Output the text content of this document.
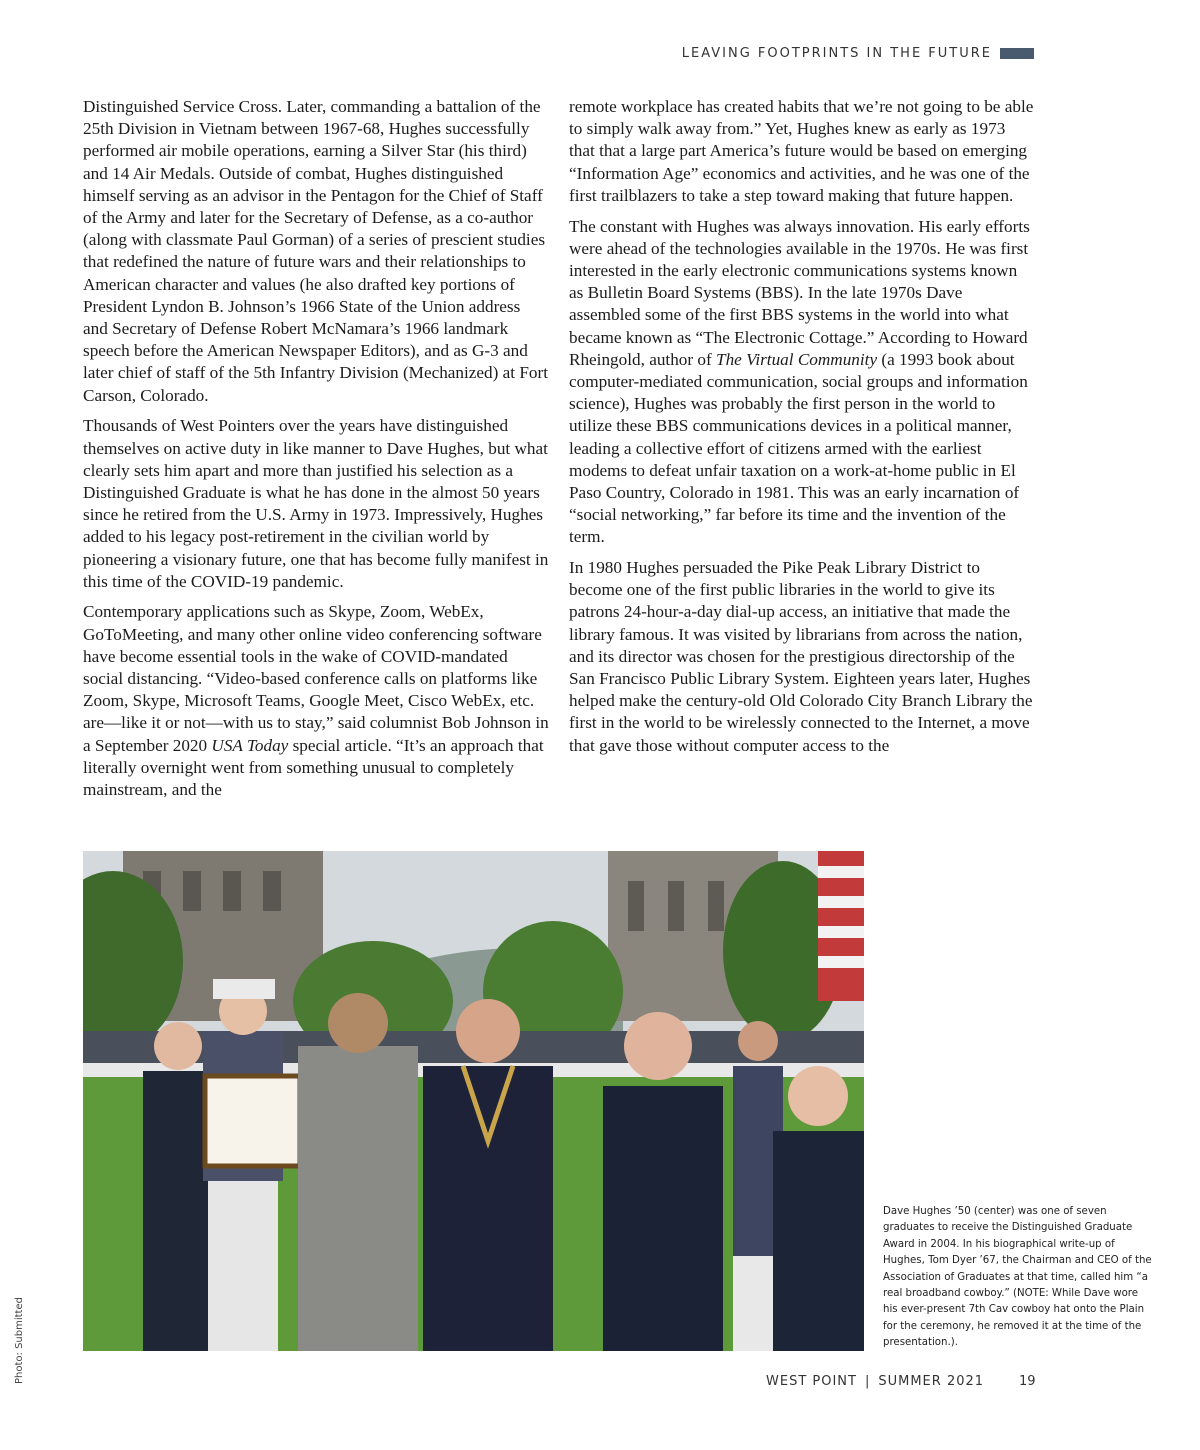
LEAVING FOOTPRINTS IN THE FUTURE

Distinguished Service Cross. Later, commanding a battalion of the 25th Division in Vietnam between 1967-68, Hughes successfully performed air mobile operations, earning a Silver Star (his third) and 14 Air Medals. Outside of combat, Hughes distinguished himself serving as an advisor in the Pentagon for the Chief of Staff of the Army and later for the Secretary of Defense, as a co-author (along with classmate Paul Gorman) of a series of prescient studies that redefined the nature of future wars and their relationships to American character and values (he also drafted key portions of President Lyndon B. Johnson’s 1966 State of the Union address and Secretary of Defense Robert McNamara’s 1966 landmark speech before the American Newspaper Editors), and as G-3 and later chief of staff of the 5th Infantry Division (Mechanized) at Fort Carson, Colorado.

Thousands of West Pointers over the years have distinguished themselves on active duty in like manner to Dave Hughes, but what clearly sets him apart and more than justified his selection as a Distinguished Graduate is what he has done in the almost 50 years since he retired from the U.S. Army in 1973. Impressively, Hughes added to his legacy post-retirement in the civilian world by pioneering a visionary future, one that has become fully manifest in this time of the COVID-19 pandemic.

Contemporary applications such as Skype, Zoom, WebEx, GoToMeeting, and many other online video conferencing software have become essential tools in the wake of COVID-mandated social distancing. “Video-based conference calls on platforms like Zoom, Skype, Microsoft Teams, Google Meet, Cisco WebEx, etc. are—like it or not—with us to stay,” said columnist Bob Johnson in a September 2020 USA Today special article. “It’s an approach that literally overnight went from something unusual to completely mainstream, and the

remote workplace has created habits that we’re not going to be able to simply walk away from.” Yet, Hughes knew as early as 1973 that that a large part America’s future would be based on emerging “Information Age” economics and activities, and he was one of the first trailblazers to take a step toward making that future happen.

The constant with Hughes was always innovation. His early efforts were ahead of the technologies available in the 1970s. He was first interested in the early electronic communications systems known as Bulletin Board Systems (BBS). In the late 1970s Dave assembled some of the first BBS systems in the world into what became known as “The Electronic Cottage.” According to Howard Rheingold, author of The Virtual Community (a 1993 book about computer-mediated communication, social groups and information science), Hughes was probably the first person in the world to utilize these BBS communications devices in a political manner, leading a collective effort of citizens armed with the earliest modems to defeat unfair taxation on a work-at-home public in El Paso Country, Colorado in 1981. This was an early incarnation of “social networking,” far before its time and the invention of the term.

In 1980 Hughes persuaded the Pike Peak Library District to become one of the first public libraries in the world to give its patrons 24-hour-a-day dial-up access, an initiative that made the library famous. It was visited by librarians from across the nation, and its director was chosen for the prestigious directorship of the San Francisco Public Library System. Eighteen years later, Hughes helped make the century-old Old Colorado City Branch Library the first in the world to be wirelessly connected to the Internet, a move that gave those without computer access to the

Dave Hughes ’50 (center) was one of seven graduates to receive the Distinguished Graduate Award in 2004. In his biographical write-up of Hughes, Tom Dyer ’67, the Chairman and CEO of the Association of Graduates at that time, called him “a real broadband cowboy.” (NOTE: While Dave wore his ever-present 7th Cav cowboy hat onto the Plain for the ceremony, he removed it at the time of the presentation.).
Photo: Submitted	WEST POINT | SUMMER 2021	19
